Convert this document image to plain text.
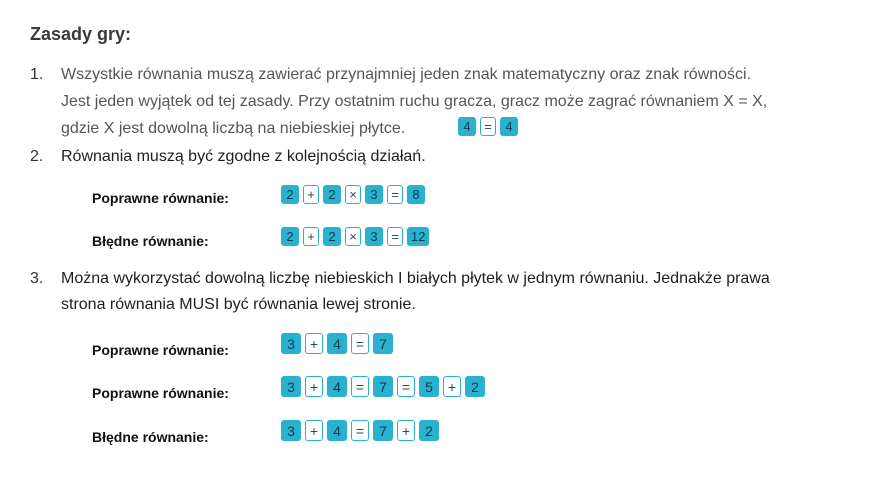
Zasady gry:
1. Wszystkie równania muszą zawierać przynajmniej jeden znak matematyczny oraz znak równości.
Jest jeden wyjątek od tej zasady. Przy ostatnim ruchu gracza, gracz może zagrać równaniem X = X,
gdzie X jest dowolną liczbą na niebieskiej płytce.	4	=	4
2. Równania muszą być zgodne z kolejnością działań.
Poprawne równanie:	2	+	2	×	3	=	8
Błędne równanie:	2	+	2	×	3	= 12
3. Można wykorzystać dowolną liczbę niebieskich I białych płytek w jednym równaniu. Jednakże prawa
strona równania MUSI być równania lewej stronie.
Poprawne równanie:	3	+	4	=	7
Poprawne równanie:	3	+	4	=	7	=	5	+	2
Błędne równanie:	3	+	4	=	7	+	2
